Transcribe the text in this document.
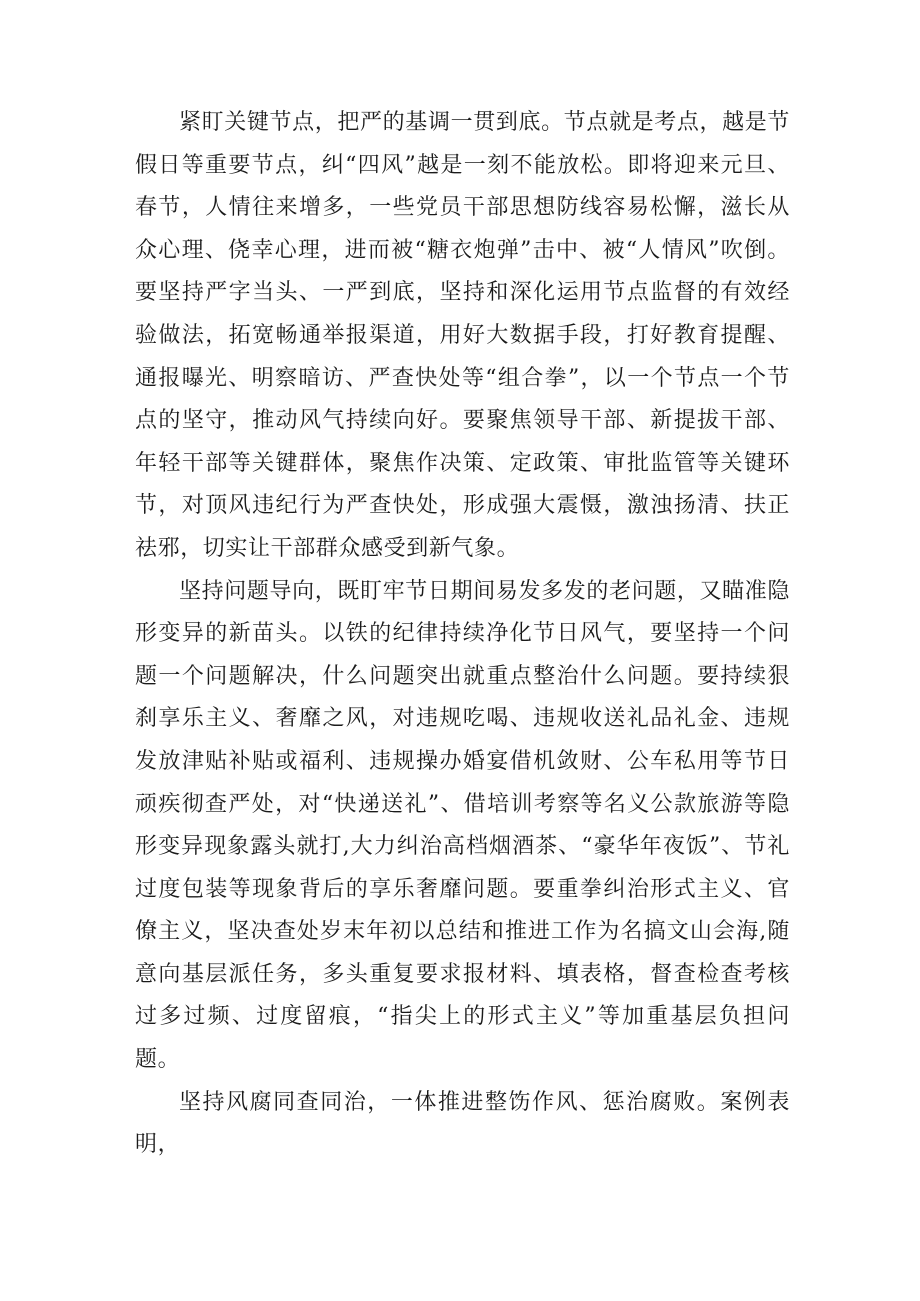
紧盯关键节点，把严的基调一贯到底。节点就是考点，越是节假日等重要节点，纠“四风”越是一刻不能放松。即将迎来元旦、春节，人情往来增多，一些党员干部思想防线容易松懈，滋长从众心理、侥幸心理，进而被“糖衣炮弹”击中、被“人情风”吹倒。要坚持严字当头、一严到底，坚持和深化运用节点监督的有效经验做法，拓宽畅通举报渠道，用好大数据手段，打好教育提醒、通报曝光、明察暗访、严查快处等“组合拳”，以一个节点一个节点的坚守，推动风气持续向好。要聚焦领导干部、新提拔干部、年轻干部等关键群体，聚焦作决策、定政策、审批监管等关键环节，对顶风违纪行为严查快处，形成强大震慑，激浊扬清、扶正祛邪，切实让干部群众感受到新气象。

坚持问题导向，既盯牢节日期间易发多发的老问题，又瞄准隐形变异的新苗头。以铁的纪律持续净化节日风气，要坚持一个问题一个问题解决，什么问题突出就重点整治什么问题。要持续狠刹享乐主义、奢靡之风，对违规吃喝、违规收送礼品礼金、违规发放津贴补贴或福利、违规操办婚宴借机敛财、公车私用等节日顽疾彻查严处，对“快递送礼”、借培训考察等名义公款旅游等隐形变异现象露头就打,大力纠治高档烟酒茶、“豪华年夜饭”、节礼过度包装等现象背后的享乐奢靡问题。要重拳纠治形式主义、官僚主义，坚决查处岁末年初以总结和推进工作为名搞文山会海,随意向基层派任务，多头重复要求报材料、填表格，督查检查考核过多过频、过度留痕，“指尖上的形式主义”等加重基层负担问题。

坚持风腐同查同治，一体推进整饬作风、惩治腐败。案例表明，
